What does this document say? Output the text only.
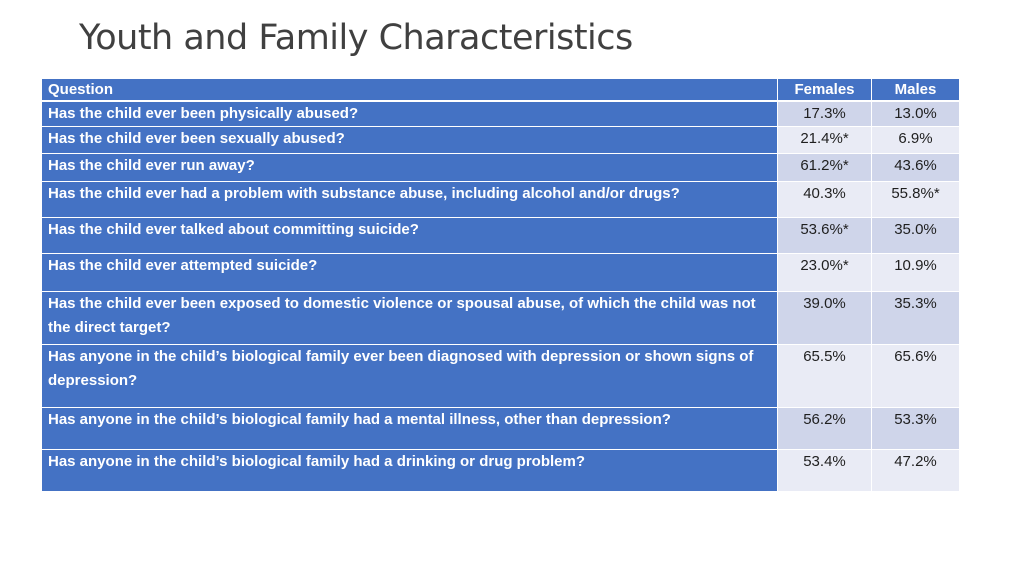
Youth and Family Characteristics
Question	Females	Males
Has the child ever been physically abused?	17.3%	13.0%
Has the child ever been sexually abused?	21.4%*	6.9%
Has the child ever run away?	61.2%*	43.6%
Has the child ever had a problem with substance abuse, including alcohol and/or drugs?	40.3%	55.8%*
Has the child ever talked about committing suicide?	53.6%*	35.0%
Has the child ever attempted suicide?	23.0%*	10.9%
Has the child ever been exposed to domestic violence or spousal abuse, of which the child was not the direct target?	39.0%	35.3%
Has anyone in the child’s biological family ever been diagnosed with depression or shown signs of depression?	65.5%	65.6%
Has anyone in the child’s biological family had a mental illness, other than depression?	56.2%	53.3%
Has anyone in the child’s biological family had a drinking or drug problem?	53.4%	47.2%
